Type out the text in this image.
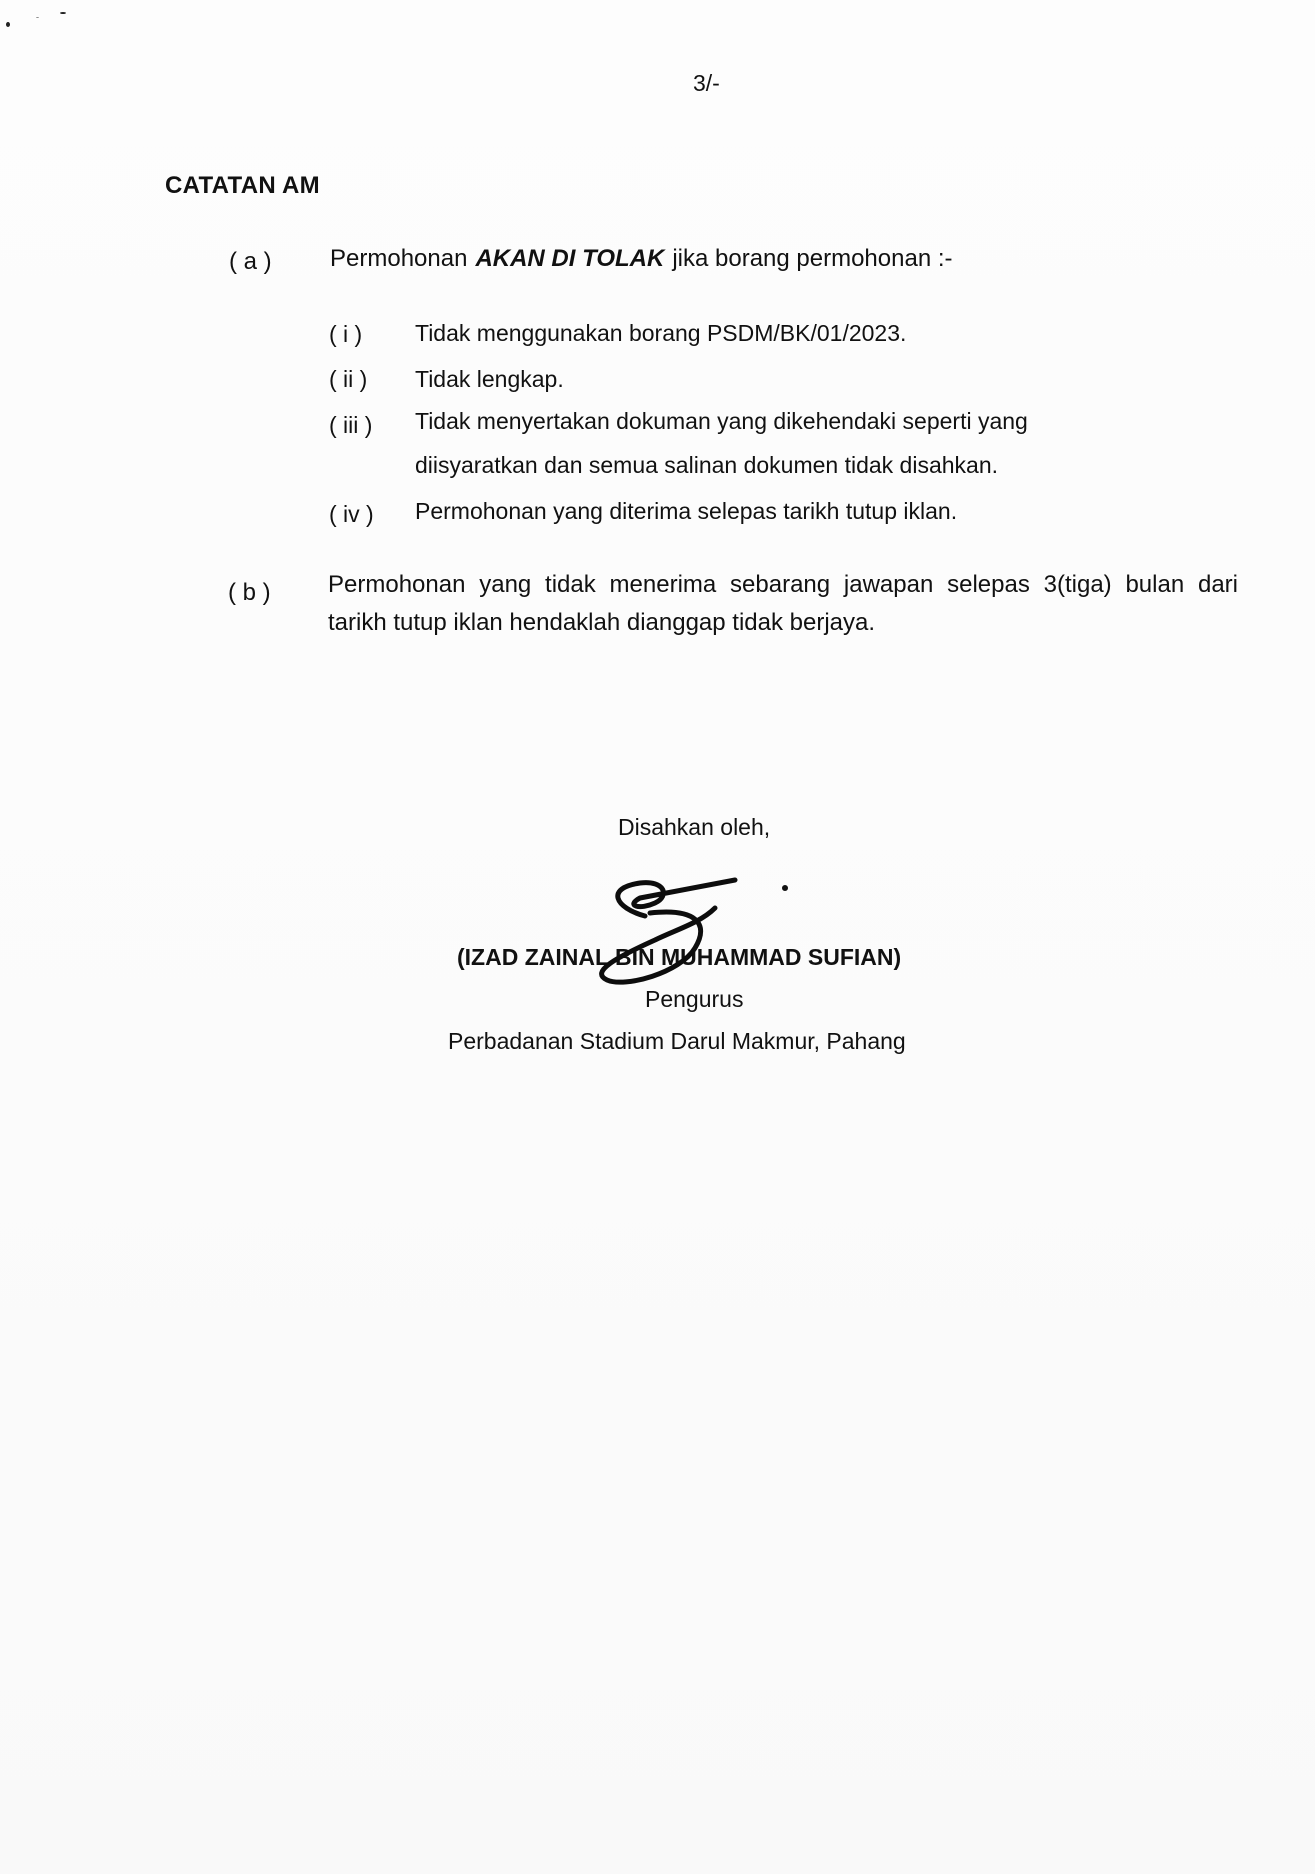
3/-
CATATAN AM
( a ) Permohonan AKAN DI TOLAK jika borang permohonan :-
( i ) Tidak menggunakan borang PSDM/BK/01/2023.
( ii ) Tidak lengkap.
( iii ) Tidak menyertakan dokuman yang dikehendaki seperti yang
diisyaratkan dan semua salinan dokumen tidak disahkan.
( iv ) Permohonan yang diterima selepas tarikh tutup iklan.
( b ) Permohonan yang tidak menerima sebarang jawapan selepas 3(tiga) bulan dari tarikh tutup iklan hendaklah dianggap tidak berjaya.
Disahkan oleh,
(IZAD ZAINAL BIN MUHAMMAD SUFIAN)
Pengurus
Perbadanan Stadium Darul Makmur, Pahang
